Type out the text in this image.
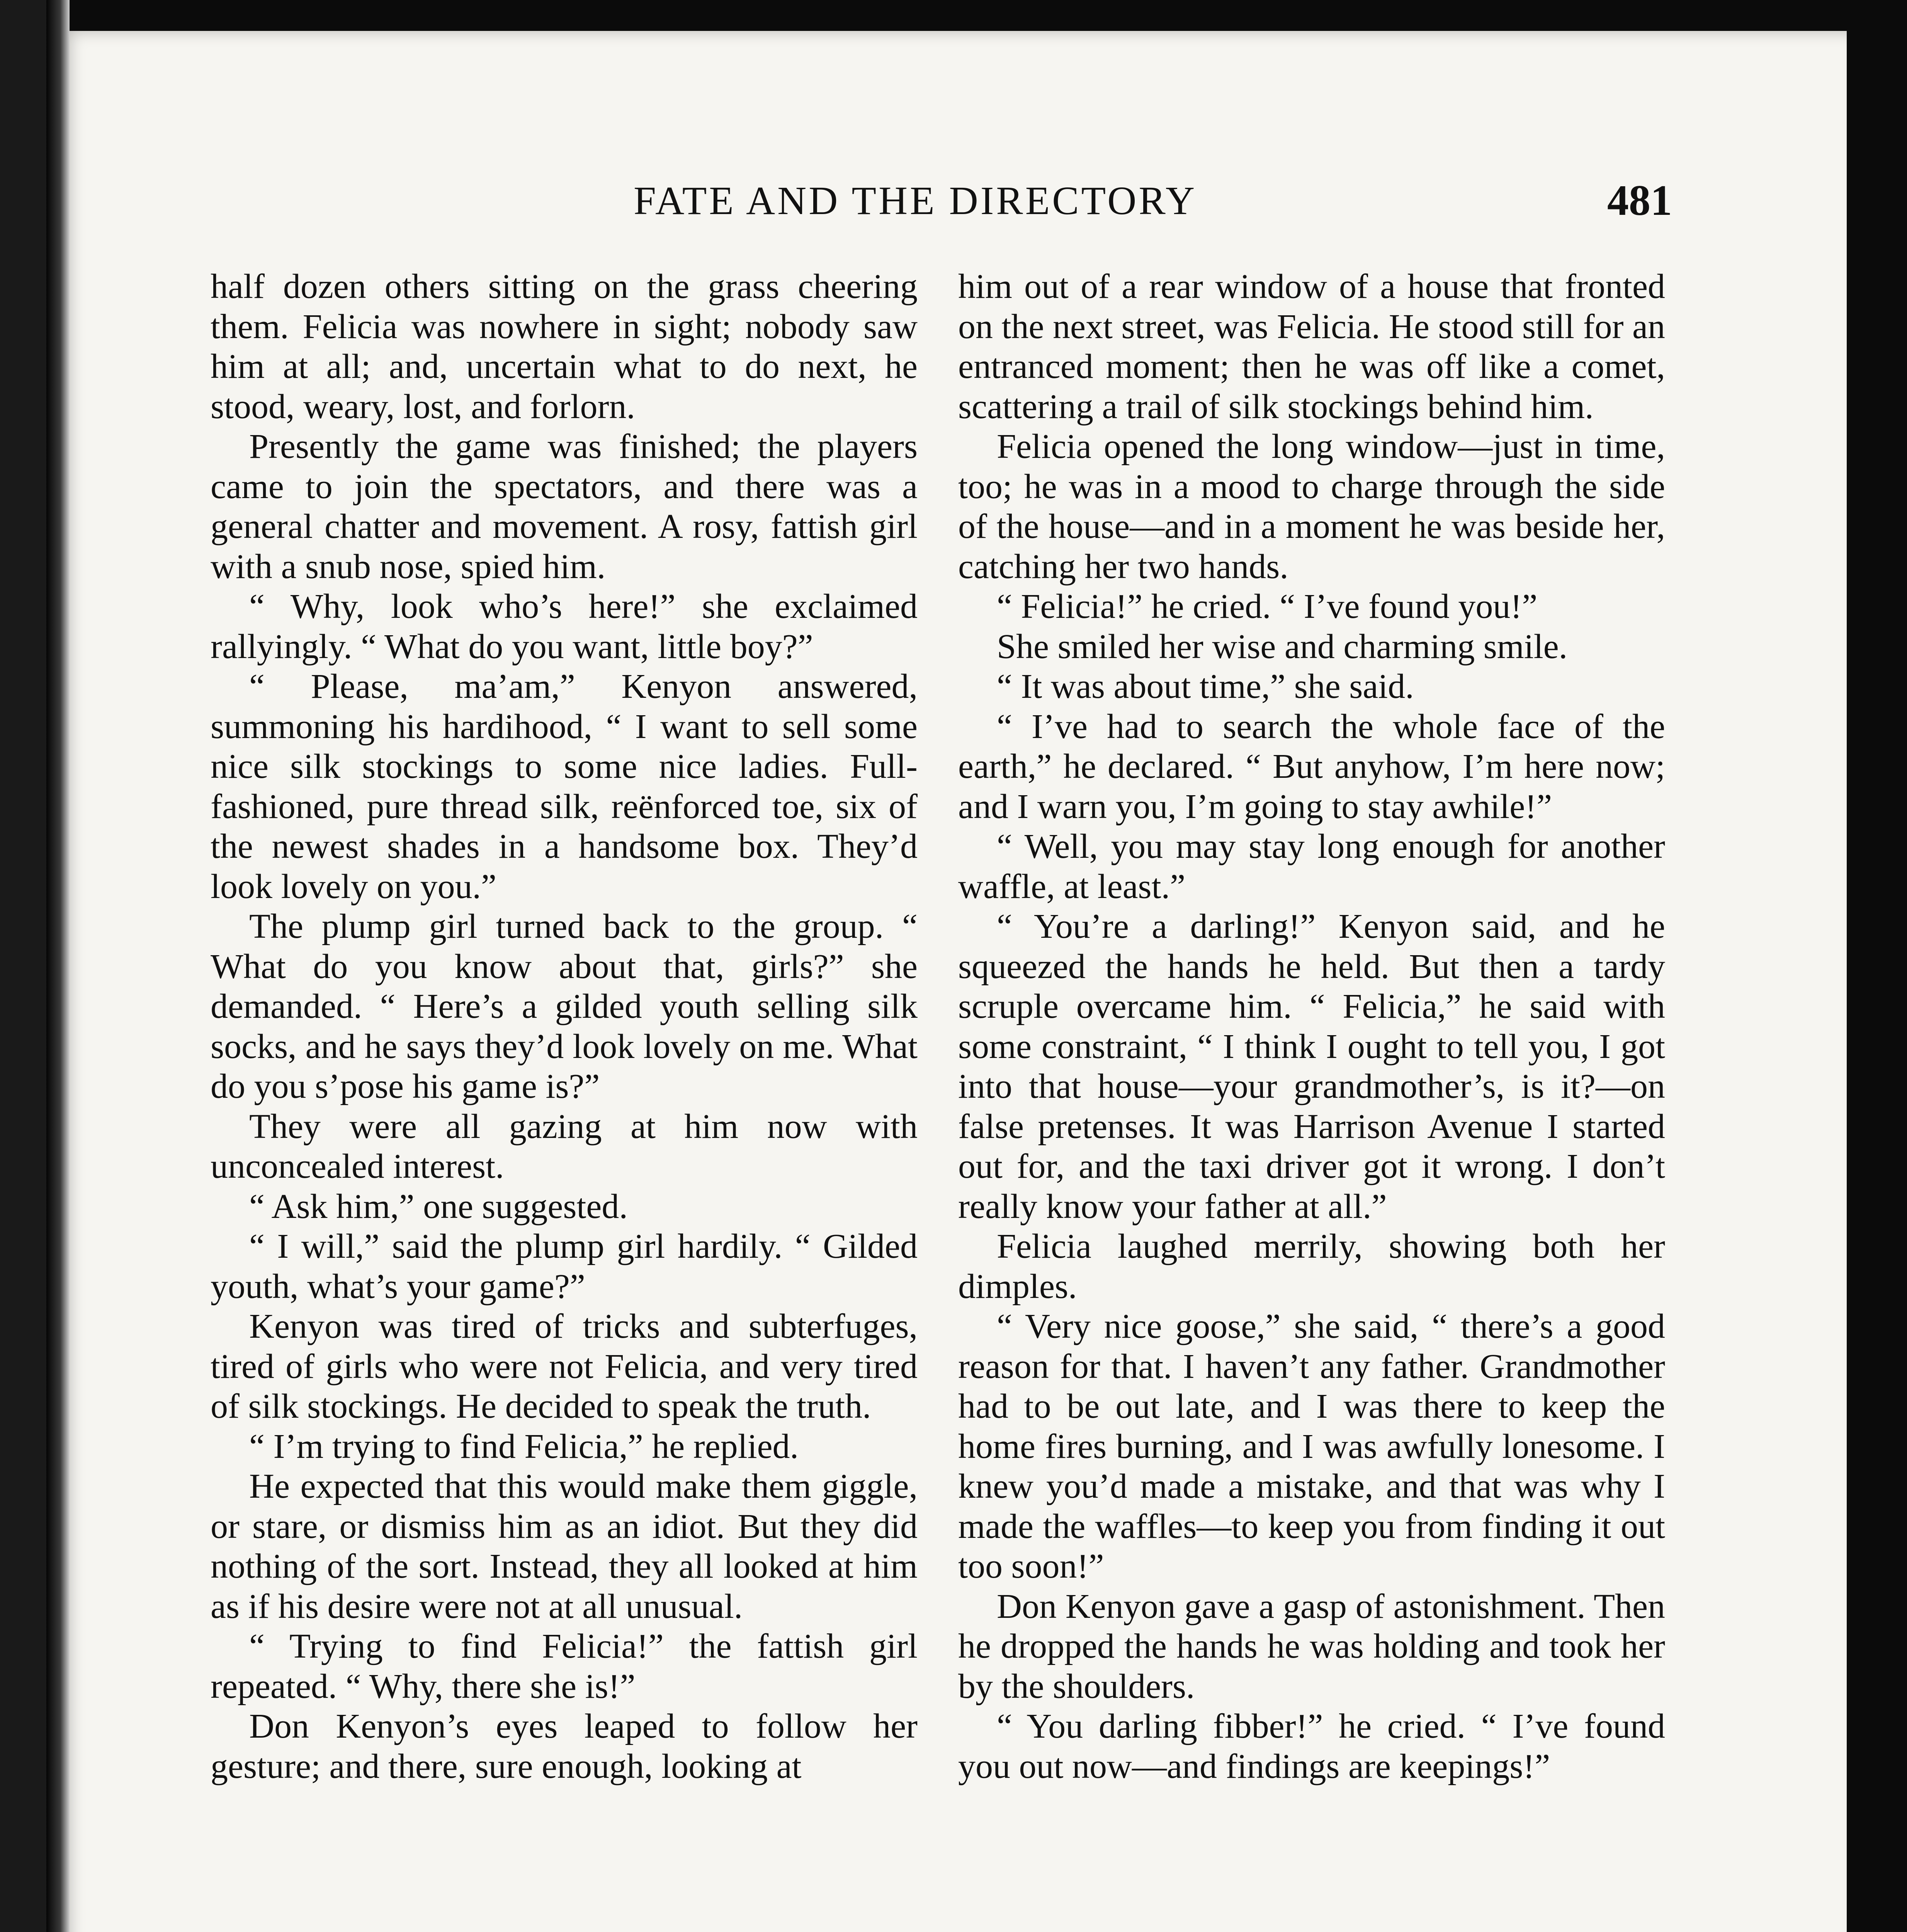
FATE AND THE DIRECTORY	481

half dozen others sitting on the grass cheering them. Felicia was nowhere in sight; nobody saw him at all; and, uncertain what to do next, he stood, weary, lost, and forlorn.

Presently the game was finished; the players came to join the spectators, and there was a general chatter and movement. A rosy, fattish girl with a snub nose, spied him.

“ Why, look who’s here!” she exclaimed rallyingly. “ What do you want, little boy?”

“ Please, ma’am,” Kenyon answered, summoning his hardihood, “ I want to sell some nice silk stockings to some nice ladies. Full-fashioned, pure thread silk, reënforced toe, six of the newest shades in a handsome box. They’d look lovely on you.”

The plump girl turned back to the group. “ What do you know about that, girls?” she demanded. “ Here’s a gilded youth selling silk socks, and he says they’d look lovely on me. What do you s’pose his game is?”

They were all gazing at him now with unconcealed interest.

“ Ask him,” one suggested.

“ I will,” said the plump girl hardily. “ Gilded youth, what’s your game?”

Kenyon was tired of tricks and subterfuges, tired of girls who were not Felicia, and very tired of silk stockings. He decided to speak the truth.

“ I’m trying to find Felicia,” he replied.

He expected that this would make them giggle, or stare, or dismiss him as an idiot. But they did nothing of the sort. Instead, they all looked at him as if his desire were not at all unusual.

“ Trying to find Felicia!” the fattish girl repeated. “ Why, there she is!”

Don Kenyon’s eyes leaped to follow her gesture; and there, sure enough, looking at

him out of a rear window of a house that fronted on the next street, was Felicia. He stood still for an entranced moment; then he was off like a comet, scattering a trail of silk stockings behind him.

Felicia opened the long window—just in time, too; he was in a mood to charge through the side of the house—and in a moment he was beside her, catching her two hands.

“ Felicia!” he cried. “ I’ve found you!”

She smiled her wise and charming smile.

“ It was about time,” she said.

“ I’ve had to search the whole face of the earth,” he declared. “ But anyhow, I’m here now; and I warn you, I’m going to stay awhile!”

“ Well, you may stay long enough for another waffle, at least.”

“ You’re a darling!” Kenyon said, and he squeezed the hands he held. But then a tardy scruple overcame him. “ Felicia,” he said with some constraint, “ I think I ought to tell you, I got into that house—your grandmother’s, is it?—on false pretenses. It was Harrison Avenue I started out for, and the taxi driver got it wrong. I don’t really know your father at all.”

Felicia laughed merrily, showing both her dimples.

“ Very nice goose,” she said, “ there’s a good reason for that. I haven’t any father. Grandmother had to be out late, and I was there to keep the home fires burning, and I was awfully lonesome. I knew you’d made a mistake, and that was why I made the waffles—to keep you from finding it out too soon!”

Don Kenyon gave a gasp of astonishment. Then he dropped the hands he was holding and took her by the shoulders.

“ You darling fibber!” he cried. “ I’ve found you out now—and findings are keepings!”
